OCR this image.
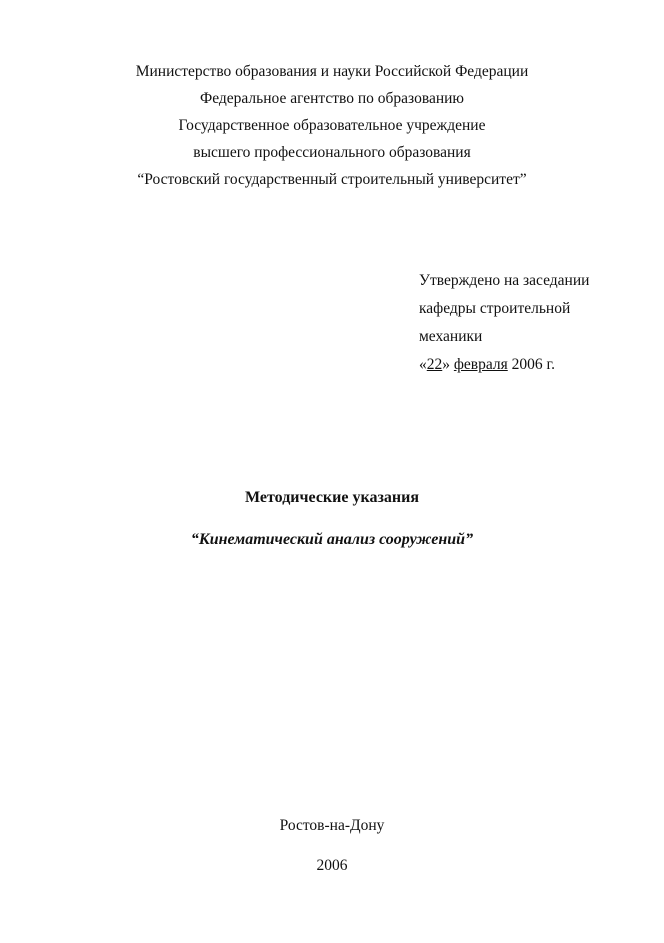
Министерство образования и науки Российской Федерации
Федеральное агентство по образованию
Государственное образовательное учреждение
высшего профессионального образования
“Ростовский государственный строительный университет”
Утверждено на заседании
кафедры строительной
механики
«22» февраля 2006 г.
Методические указания
“Кинематический анализ сооружений”
Ростов-на-Дону
2006
